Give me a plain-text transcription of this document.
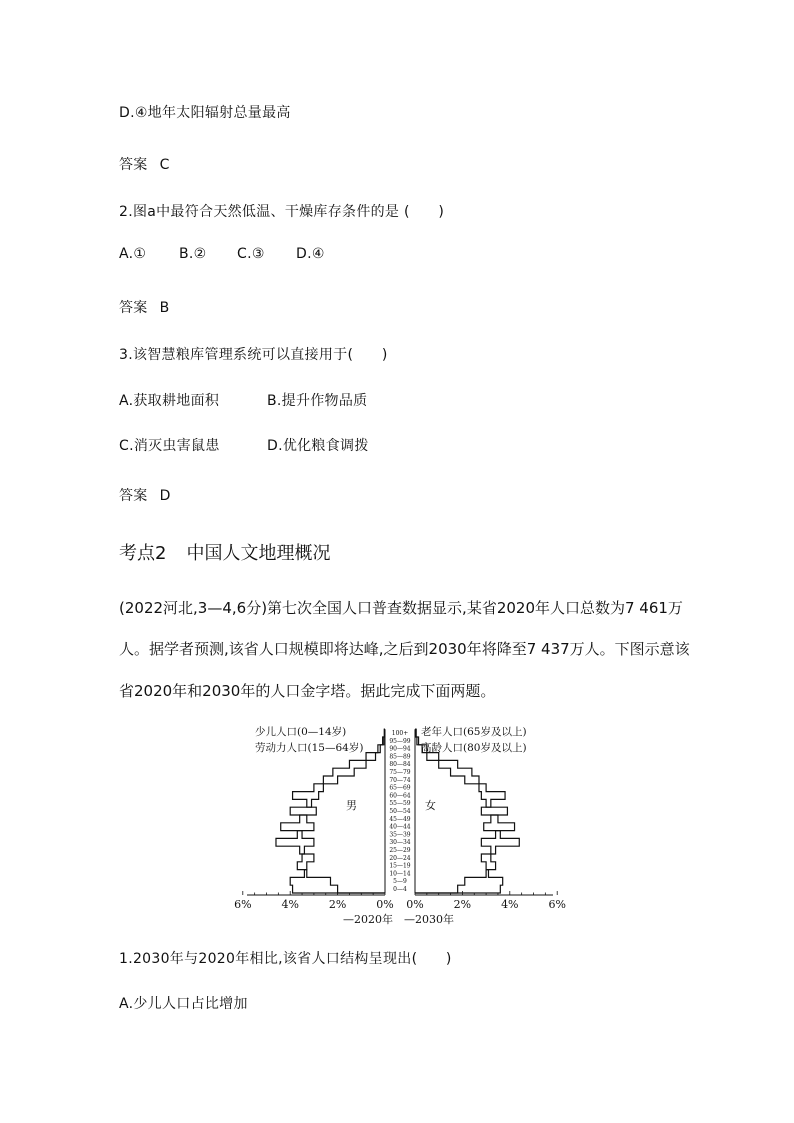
D.④地年太阳辐射总量最高
答案 C
2.图a中最符合天然低温、干燥库存条件的是 (　　)
A.① B.② C.③ D.④
答案 B
3.该智慧粮库管理系统可以直接用于(　　)
A.获取耕地面积	B.提升作物品质
C.消灭虫害鼠患	D.优化粮食调拨
答案 D
考点2 中国人文地理概况
(2022河北,3—4,6分)第七次全国人口普查数据显示,某省2020年人口总数为7 461万
人。据学者预测,该省人口规模即将达峰,之后到2030年将降至7 437万人。下图示意该
省2020年和2030年的人口金字塔。据此完成下面两题。
少儿人口(0—14岁)
劳动力人口(15—64岁)
老年人口(65岁及以上)
高龄人口(80岁及以上)
0—4
5—9
10—14
15—19
20—24
25—29
30—34
35—39
40—44
45—49
50—54
55—59
60—64
65—69
70—74
75—79
80—84
85—89
90—94
95—99
100+
男	女
6%	4%	2%	0% 0%	2%	4%	6%
—2020年 —2030年
1.2030年与2020年相比,该省人口结构呈现出(　　)
A.少儿人口占比增加
